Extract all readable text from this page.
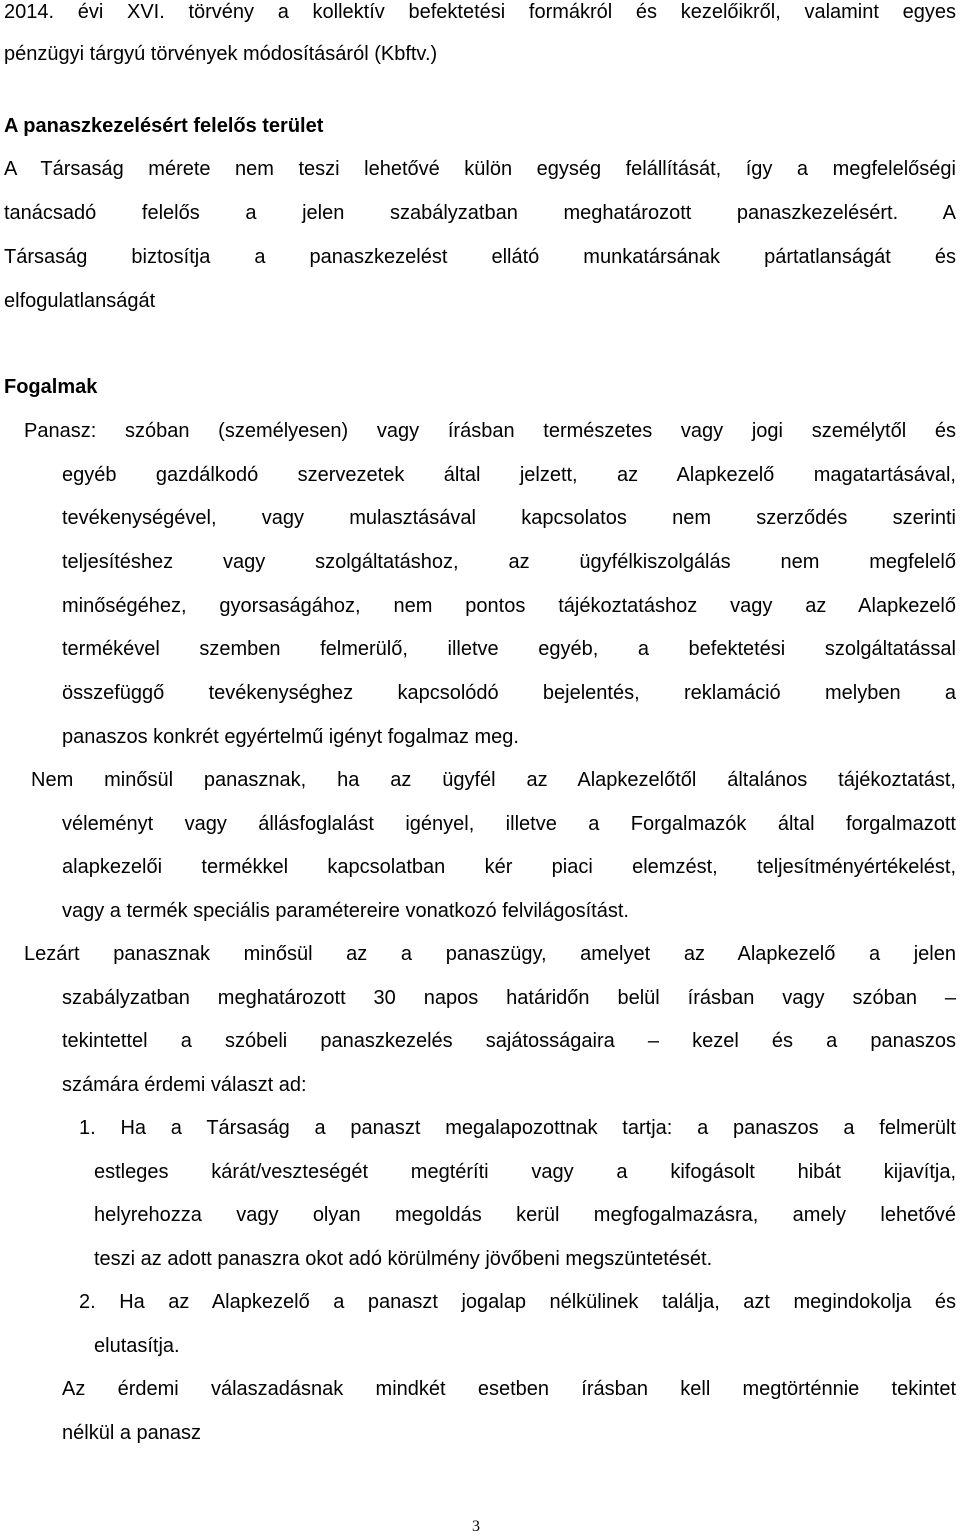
2014. évi XVI. törvény a kollektív befektetési formákról és kezelőikről, valamint egyes
pénzügyi tárgyú törvények módosításáról (Kbftv.)
A panaszkezelésért felelős terület
A Társaság mérete nem teszi lehetővé külön egység felállítását, így a megfelelőségi
tanácsadó felelős a jelen szabályzatban meghatározott panaszkezelésért. A
Társaság biztosítja a panaszkezelést ellátó munkatársának pártatlanságát és
elfogulatlanságát
Fogalmak
Panasz: szóban (személyesen) vagy írásban természetes vagy jogi személytől és
egyéb gazdálkodó szervezetek által jelzett, az Alapkezelő magatartásával,
tevékenységével, vagy mulasztásával kapcsolatos nem szerződés szerinti
teljesítéshez vagy szolgáltatáshoz, az ügyfélkiszolgálás nem megfelelő
minőségéhez, gyorsaságához, nem pontos tájékoztatáshoz vagy az Alapkezelő
termékével szemben felmerülő, illetve egyéb, a befektetési szolgáltatással
összefüggő tevékenységhez kapcsolódó bejelentés, reklamáció melyben a
panaszos konkrét egyértelmű igényt fogalmaz meg.
Nem minősül panasznak, ha az ügyfél az Alapkezelőtől általános tájékoztatást,
véleményt vagy állásfoglalást igényel, illetve a Forgalmazók által forgalmazott
alapkezelői termékkel kapcsolatban kér piaci elemzést, teljesítményértékelést,
vagy a termék speciális paramétereire vonatkozó felvilágosítást.
Lezárt panasznak minősül az a panaszügy, amelyet az Alapkezelő a jelen
szabályzatban meghatározott 30 napos határidőn belül írásban vagy szóban –
tekintettel a szóbeli panaszkezelés sajátosságaira – kezel és a panaszos
számára érdemi választ ad:
1. Ha a Társaság a panaszt megalapozottnak tartja: a panaszos a felmerült
estleges kárát/veszteségét megtéríti vagy a kifogásolt hibát kijavítja,
helyrehozza vagy olyan megoldás kerül megfogalmazásra, amely lehetővé
teszi az adott panaszra okot adó körülmény jövőbeni megszüntetését.
2. Ha az Alapkezelő a panaszt jogalap nélkülinek találja, azt megindokolja és
elutasítja.
Az érdemi válaszadásnak mindkét esetben írásban kell megtörténnie tekintet
nélkül a panasz
3
